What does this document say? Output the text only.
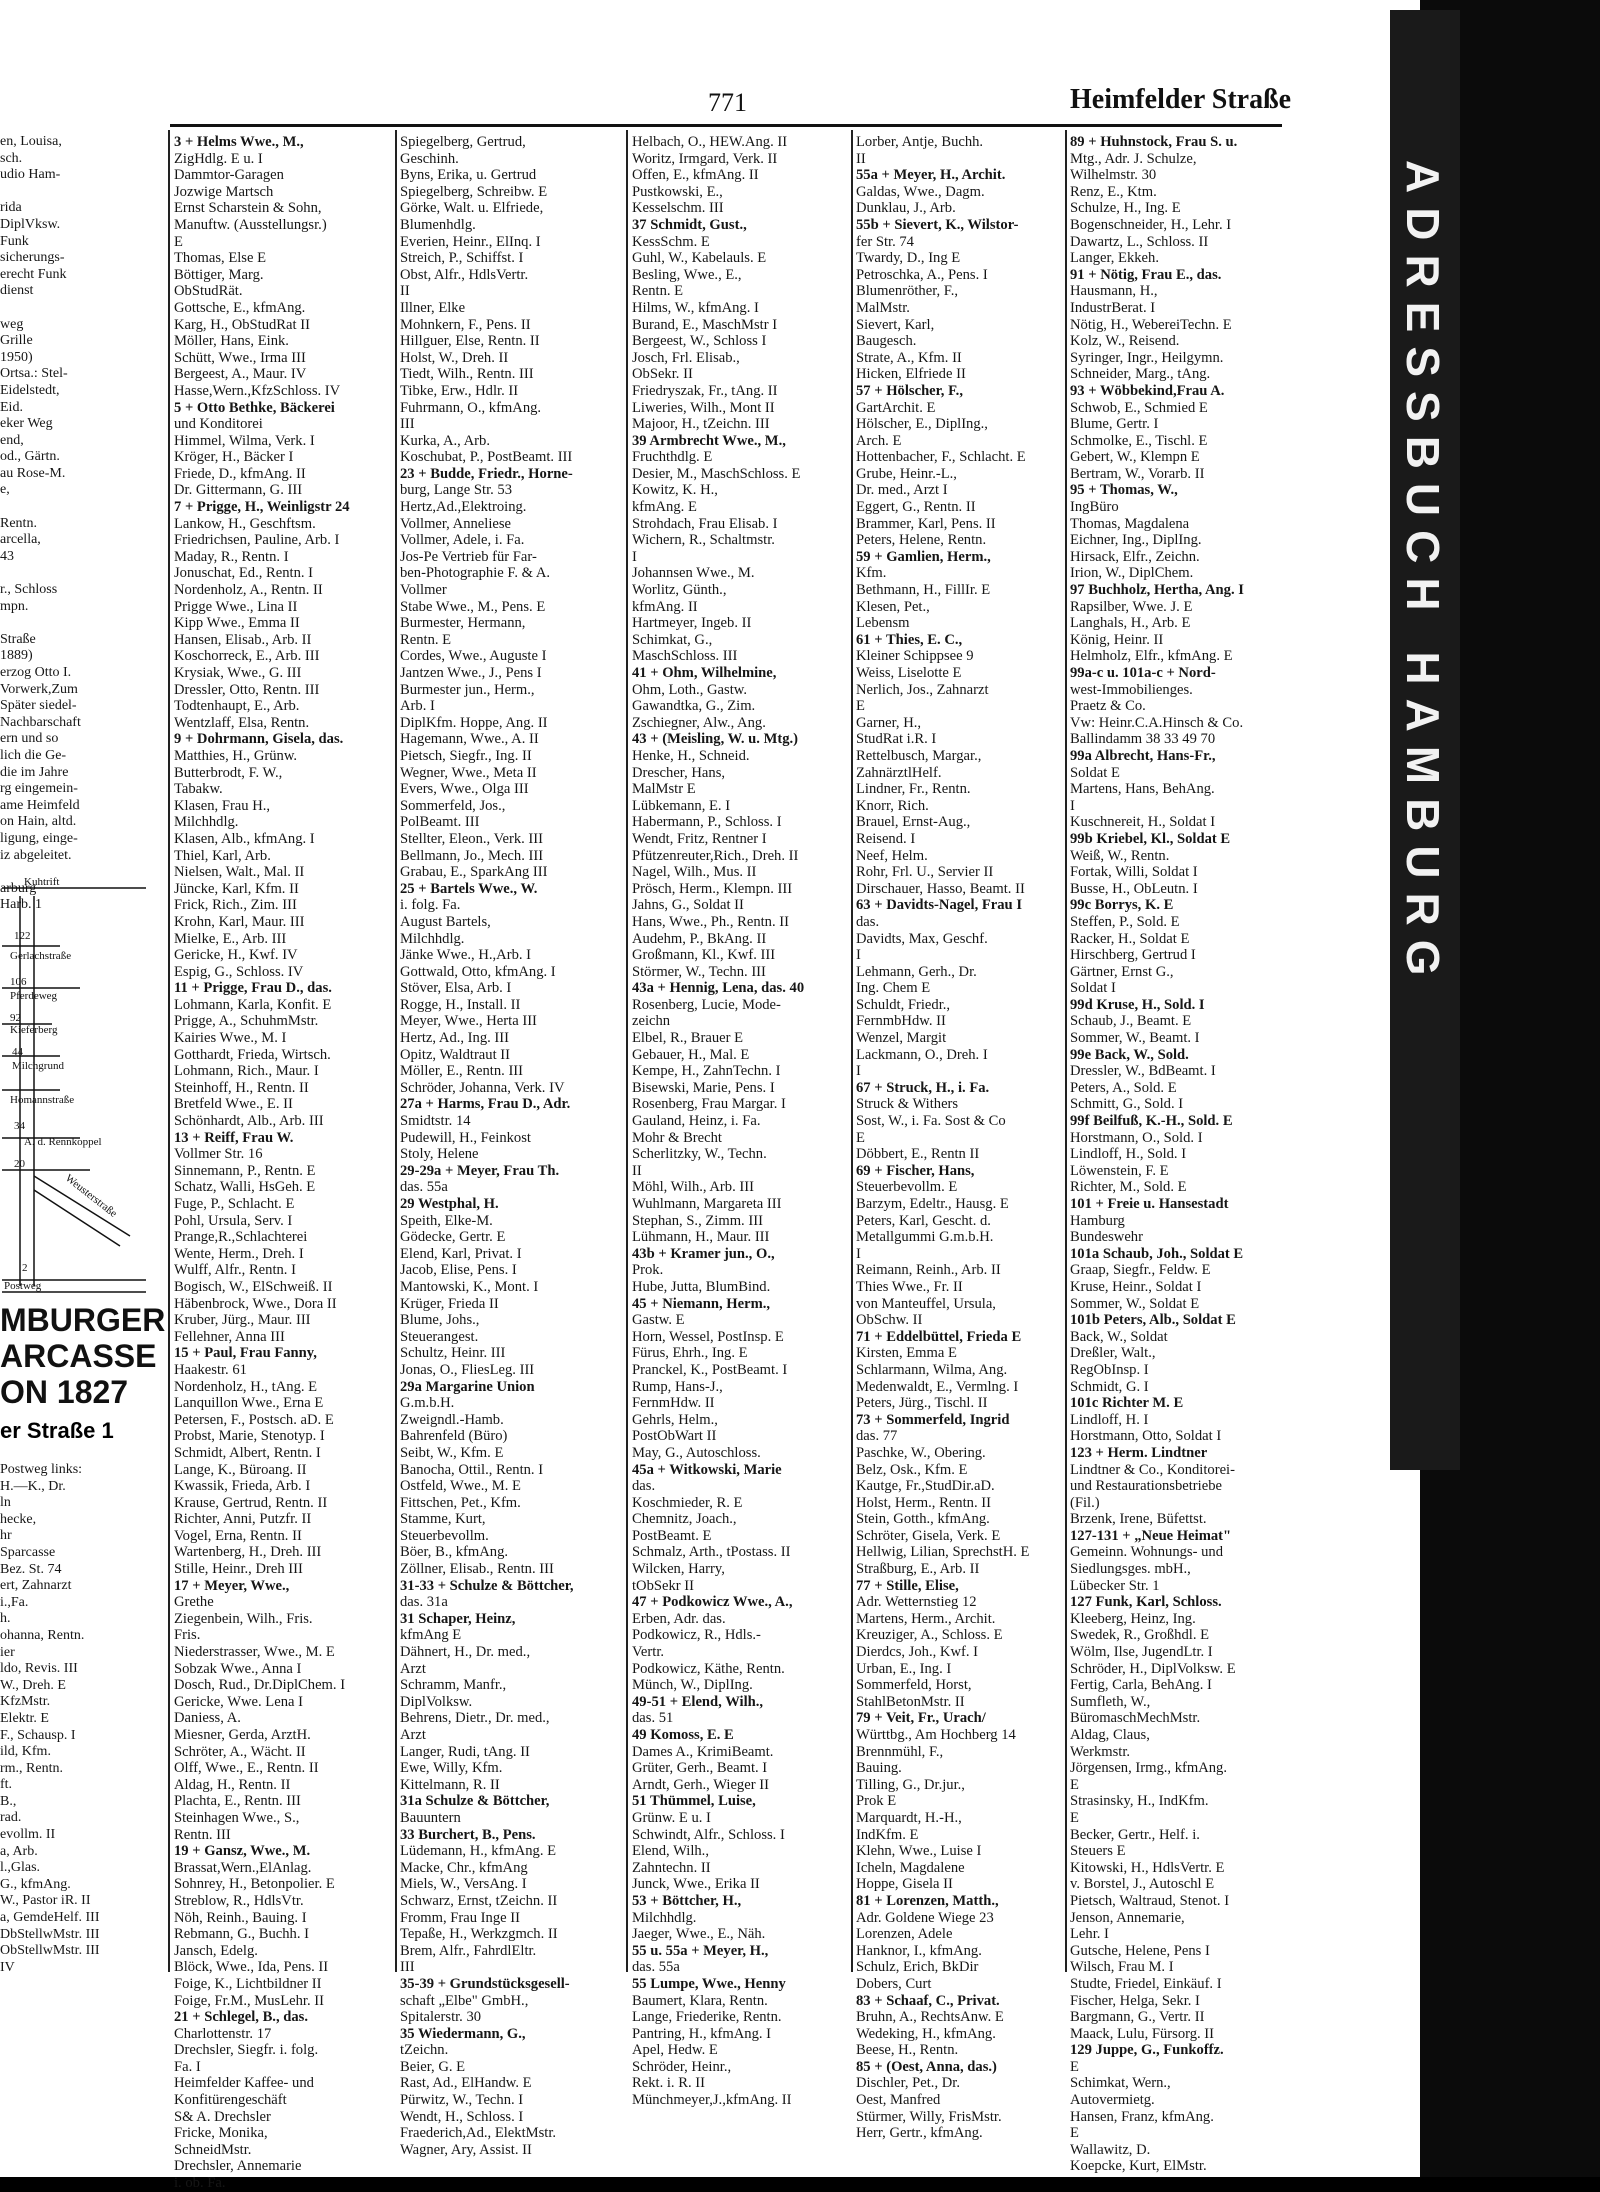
771	Heimfelder Straße
en, Louisa,
sch.
udio Ham-

rida
DiplVksw.
Funk
sicherungs-
erecht Funk
dienst

weg
Grille
1950)
Ortsa.: Stel-
Eidelstedt,
Eid.
eker Weg
end,
od., Gärtn.
au Rose-M.
e,

Rentn.
arcella,
43

r., Schloss
mpn.

Straße
1889)
erzog Otto I.
Vorwerk,Zum
Später siedel-
Nachbarschaft
ern und so
lich die Ge-
die im Jahre
rg eingemein-
ame Heimfeld
on Hain, altd.
ligung, einge-
iz abgeleitet.

arburg
Harb. 1
Kuhtrift
122
Gerlachstraße
106
Pferdeweg
92
Kieferberg
44
Milchgrund
Homannstraße
34
A. d. Rennkoppel
20
Weusterstraße
2
Postweg
MBURGER
ARCASSE
ON 1827
er Straße 1
Postweg links:
H.—K., Dr.
ln
hecke,
hr
Sparcasse
Bez. St. 74
ert, Zahnarzt
i.,Fa.
h.
ohanna, Rentn.
ier
ldo, Revis. III
W., Dreh. E
KfzMstr.
Elektr. E
F., Schausp. I
ild, Kfm.
rm., Rentn.
ft.
B.,
rad.
evollm. II
a, Arb.
l.,Glas.
G., kfmAng.
W., Pastor iR. II
a, GemdeHelf. III
DbStellwMstr. III
ObStellwMstr. III
IV
3 + Helms Wwe., M.,
ZigHdlg. E u. I
Dammtor-Garagen
Jozwige Martsch
Ernst Scharstein & Sohn,
Manuftw. (Ausstellungsr.)
E
Thomas, Else E
Böttiger, Marg.
ObStudRät.
Gottsche, E., kfmAng.
Karg, H., ObStudRat II
Möller, Hans, Eink.
Schütt, Wwe., Irma III
Bergeest, A., Maur. IV
Hasse,Wern.,KfzSchloss. IV
5 + Otto Bethke, Bäckerei
und Konditorei
Himmel, Wilma, Verk. I
Kröger, H., Bäcker I
Friede, D., kfmAng. II
Dr. Gittermann, G. III
7 + Prigge, H., Weinligstr 24
Lankow, H., Geschftsm.
Friedrichsen, Pauline, Arb. I
Maday, R., Rentn. I
Jonuschat, Ed., Rentn. I
Nordenholz, A., Rentn. II
Prigge Wwe., Lina II
Kipp Wwe., Emma II
Hansen, Elisab., Arb. II
Koschorreck, E., Arb. III
Krysiak, Wwe., G. III
Dressler, Otto, Rentn. III
Todtenhaupt, E., Arb.
Wentzlaff, Elsa, Rentn.
9 + Dohrmann, Gisela, das.
Matthies, H., Grünw.
Butterbrodt, F. W.,
Tabakw.
Klasen, Frau H.,
Milchhdlg.
Klasen, Alb., kfmAng. I
Thiel, Karl, Arb.
Nielsen, Walt., Mal. II
Jüncke, Karl, Kfm. II
Frick, Rich., Zim. III
Krohn, Karl, Maur. III
Mielke, E., Arb. III
Gericke, H., Kwf. IV
Espig, G., Schloss. IV
11 + Prigge, Frau D., das.
Lohmann, Karla, Konfit. E
Prigge, A., SchuhmMstr.
Kairies Wwe., M. I
Gotthardt, Frieda, Wirtsch.
Lohmann, Rich., Maur. I
Steinhoff, H., Rentn. II
Bretfeld Wwe., E. II
Schönhardt, Alb., Arb. III
13 + Reiff, Frau W.
Vollmer Str. 16
Sinnemann, P., Rentn. E
Schatz, Walli, HsGeh. E
Fuge, P., Schlacht. E
Pohl, Ursula, Serv. I
Prange,R.,Schlachterei
Wente, Herm., Dreh. I
Wulff, Alfr., Rentn. I
Bogisch, W., ElSchweiß. II
Häbenbrock, Wwe., Dora II
Kruber, Jürg., Maur. III
Fellehner, Anna III
15 + Paul, Frau Fanny,
Haakestr. 61
Nordenholz, H., tAng. E
Lanquillon Wwe., Erna E
Petersen, F., Postsch. aD. E
Probst, Marie, Stenotyp. I
Schmidt, Albert, Rentn. I
Lange, K., Büroang. II
Kwassik, Frieda, Arb. I
Krause, Gertrud, Rentn. II
Richter, Anni, Putzfr. II
Vogel, Erna, Rentn. II
Wartenberg, H., Dreh. III
Stille, Heinr., Dreh III
17 + Meyer, Wwe.,
Grethe
Ziegenbein, Wilh., Fris.
Fris.
Niederstrasser, Wwe., M. E
Sobzak Wwe., Anna I
Dosch, Rud., Dr.DiplChem. I
Gericke, Wwe. Lena I
Daniess, A.
Miesner, Gerda, ArztH.
Schröter, A., Wächt. II
Olff, Wwe., E., Rentn. II
Aldag, H., Rentn. II
Plachta, E., Rentn. III
Steinhagen Wwe., S.,
Rentn. III
19 + Gansz, Wwe., M.
Brassat,Wern.,ElAnlag.
Sohnrey, H., Betonpolier. E
Streblow, R., HdlsVtr.
Nöh, Reinh., Bauing. I
Rebmann, G., Buchh. I
Jansch, Edelg.
Blöck, Wwe., Ida, Pens. II
Foige, K., Lichtbildner II
Foige, Fr.M., MusLehr. II
21 + Schlegel, B., das.
Charlottenstr. 17
Drechsler, Siegfr. i. folg.
Fa. I
Heimfelder Kaffee- und
Konfitürengeschäft
S& A. Drechsler
Fricke, Monika,
SchneidMstr.
Drechsler, Annemarie
i. ob. Fa.
Spiegelberg, Gertrud,
Geschinh.
Byns, Erika, u. Gertrud
Spiegelberg, Schreibw. E
Görke, Walt. u. Elfriede,
Blumenhdlg.
Everien, Heinr., ElInq. I
Streich, P., Schiffst. I
Obst, Alfr., HdlsVertr.
II
Illner, Elke
Mohnkern, F., Pens. II
Hillguer, Else, Rentn. II
Holst, W., Dreh. II
Tiedt, Wilh., Rentn. III
Tibke, Erw., Hdlr. II
Fuhrmann, O., kfmAng.
III
Kurka, A., Arb.
Koschubat, P., PostBeamt. III
23 + Budde, Friedr., Horne-
burg, Lange Str. 53
Hertz,Ad.,Elektroing.
Vollmer, Anneliese
Vollmer, Adele, i. Fa.
Jos-Pe Vertrieb für Far-
ben-Photographie F. & A.
Vollmer
Stabe Wwe., M., Pens. E
Burmester, Hermann,
Rentn. E
Cordes, Wwe., Auguste I
Jantzen Wwe., J., Pens I
Burmester jun., Herm.,
Arb. I
DiplKfm. Hoppe, Ang. II
Hagemann, Wwe., A. II
Pietsch, Siegfr., Ing. II
Wegner, Wwe., Meta II
Evers, Wwe., Olga III
Sommerfeld, Jos.,
PolBeamt. III
Stellter, Eleon., Verk. III
Bellmann, Jo., Mech. III
Grabau, E., SparkAng III
25 + Bartels Wwe., W.
i. folg. Fa.
August Bartels,
Milchhdlg.
Jänke Wwe., H.,Arb. I
Gottwald, Otto, kfmAng. I
Stöver, Elsa, Arb. I
Rogge, H., Install. II
Meyer, Wwe., Herta III
Hertz, Ad., Ing. III
Opitz, Waldtraut II
Möller, E., Rentn. III
Schröder, Johanna, Verk. IV
27a + Harms, Frau D., Adr.
Smidtstr. 14
Pudewill, H., Feinkost
Stoly, Helene
29-29a + Meyer, Frau Th.
das. 55a
29 Westphal, H.
Speith, Elke-M.
Gödecke, Gertr. E
Elend, Karl, Privat. I
Jacob, Elise, Pens. I
Mantowski, K., Mont. I
Krüger, Frieda II
Blume, Johs.,
Steuerangest.
Schultz, Heinr. III
Jonas, O., FliesLeg. III
29a Margarine Union
G.m.b.H.
Zweigndl.-Hamb.
Bahrenfeld (Büro)
Seibt, W., Kfm. E
Banocha, Ottil., Rentn. I
Ostfeld, Wwe., M. E
Fittschen, Pet., Kfm.
Stamme, Kurt,
Steuerbevollm.
Böer, B., kfmAng.
Zöllner, Elisab., Rentn. III
31-33 + Schulze & Böttcher,
das. 31a
31 Schaper, Heinz,
kfmAng E
Dähnert, H., Dr. med.,
Arzt
Schramm, Manfr.,
DiplVolksw.
Behrens, Dietr., Dr. med.,
Arzt
Langer, Rudi, tAng. II
Ewe, Willy, Kfm.
Kittelmann, R. II
31a Schulze & Böttcher,
Bauuntern
33 Burchert, B., Pens.
Lüdemann, H., kfmAng. E
Macke, Chr., kfmAng
Miels, W., VersAng. I
Schwarz, Ernst, tZeichn. II
Fromm, Frau Inge II
Tepaße, H., Werkzgmch. II
Brem, Alfr., FahrdlEltr.
III
35-39 + Grundstücksgesell-
schaft „Elbe" GmbH.,
Spitalerstr. 30
35 Wiedermann, G.,
tZeichn.
Beier, G. E
Rast, Ad., ElHandw. E
Pürwitz, W., Techn. I
Wendt, H., Schloss. I
Fraederich,Ad., ElektMstr.
Wagner, Ary, Assist. II
Helbach, O., HEW.Ang. II
Woritz, Irmgard, Verk. II
Offen, E., kfmAng. II
Pustkowski, E.,
Kesselschm. III
37 Schmidt, Gust.,
KessSchm. E
Guhl, W., Kabelauls. E
Besling, Wwe., E.,
Rentn. E
Hilms, W., kfmAng. I
Burand, E., MaschMstr I
Bergeest, W., Schloss I
Josch, Frl. Elisab.,
ObSekr. II
Friedryszak, Fr., tAng. II
Liweries, Wilh., Mont II
Majoor, H., tZeichn. III
39 Armbrecht Wwe., M.,
Fruchthdlg. E
Desier, M., MaschSchloss. E
Kowitz, K. H.,
kfmAng. E
Strohdach, Frau Elisab. I
Wichern, R., Schaltmstr.
I
Johannsen Wwe., M.
Worlitz, Günth.,
kfmAng. II
Hartmeyer, Ingeb. II
Schimkat, G.,
MaschSchloss. III
41 + Ohm, Wilhelmine,
Ohm, Loth., Gastw.
Gawandtka, G., Zim.
Zschiegner, Alw., Ang.
43 + (Meisling, W. u. Mtg.)
Henke, H., Schneid.
Drescher, Hans,
MalMstr E
Lübkemann, E. I
Habermann, P., Schloss. I
Wendt, Fritz, Rentner I
Pfützenreuter,Rich., Dreh. II
Nagel, Wilh., Mus. II
Prösch, Herm., Klempn. III
Jahns, G., Soldat II
Hans, Wwe., Ph., Rentn. II
Audehm, P., BkAng. II
Großmann, Kl., Kwf. III
Störmer, W., Techn. III
43a + Hennig, Lena, das. 40
Rosenberg, Lucie, Mode-
zeichn
Elbel, R., Brauer E
Gebauer, H., Mal. E
Kempe, H., ZahnTechn. I
Bisewski, Marie, Pens. I
Rosenberg, Frau Margar. I
Gauland, Heinz, i. Fa.
Mohr & Brecht
Scherlitzky, W., Techn.
II
Möhl, Wilh., Arb. III
Wuhlmann, Margareta III
Stephan, S., Zimm. III
Lühmann, H., Maur. III
43b + Kramer jun., O.,
Prok.
Hube, Jutta, BlumBind.
45 + Niemann, Herm.,
Gastw. E
Horn, Wessel, PostInsp. E
Fürus, Ehrh., Ing. E
Pranckel, K., PostBeamt. I
Rump, Hans-J.,
FernmHdw. II
Gehrls, Helm.,
PostObWart II
May, G., Autoschloss.
45a + Witkowski, Marie
das.
Koschmieder, R. E
Chemnitz, Joach.,
PostBeamt. E
Schmalz, Arth., tPostass. II
Wilcken, Harry,
tObSekr II
47 + Podkowicz Wwe., A.,
Erben, Adr. das.
Podkowicz, R., Hdls.-
Vertr.
Podkowicz, Käthe, Rentn.
Münch, W., DiplIng.
49-51 + Elend, Wilh.,
das. 51
49 Komoss, E. E
Dames A., KrimiBeamt.
Grüter, Gerh., Beamt. I
Arndt, Gerh., Wieger II
51 Thümmel, Luise,
Grünw. E u. I
Schwindt, Alfr., Schloss. I
Elend, Wilh.,
Zahntechn. II
Junck, Wwe., Erika II
53 + Böttcher, H.,
Milchhdlg.
Jaeger, Wwe., E., Näh.
55 u. 55a + Meyer, H.,
das. 55a
55 Lumpe, Wwe., Henny
Baumert, Klara, Rentn.
Lange, Friederike, Rentn.
Pantring, H., kfmAng. I
Apel, Hedw. E
Schröder, Heinr.,
Rekt. i. R. II
Münchmeyer,J.,kfmAng. II
Lorber, Antje, Buchh.
II
55a + Meyer, H., Archit.
Galdas, Wwe., Dagm.
Dunklau, J., Arb.
55b + Sievert, K., Wilstor-
fer Str. 74
Twardy, D., Ing E
Petroschka, A., Pens. I
Blumenröther, F.,
MalMstr.
Sievert, Karl,
Baugesch.
Strate, A., Kfm. II
Hicken, Elfriede II
57 + Hölscher, F.,
GartArchit. E
Hölscher, E., DiplIng.,
Arch. E
Hottenbacher, F., Schlacht. E
Grube, Heinr.-L.,
Dr. med., Arzt I
Eggert, G., Rentn. II
Brammer, Karl, Pens. II
Peters, Helene, Rentn.
59 + Gamlien, Herm.,
Kfm.
Bethmann, H., FillIr. E
Klesen, Pet.,
Lebensm
61 + Thies, E. C.,
Kleiner Schippsee 9
Weiss, Liselotte E
Nerlich, Jos., Zahnarzt
E
Garner, H.,
StudRat i.R. I
Rettelbusch, Margar.,
ZahnärztlHelf.
Lindner, Fr., Rentn.
Knorr, Rich.
Brauel, Ernst-Aug.,
Reisend. I
Neef, Helm.
Rohr, Frl. U., Servier II
Dirschauer, Hasso, Beamt. II
63 + Davidts-Nagel, Frau I
das.
Davidts, Max, Geschf.
I
Lehmann, Gerh., Dr.
Ing. Chem E
Schuldt, Friedr.,
FernmbHdw. II
Wenzel, Margit
Lackmann, O., Dreh. I
I
67 + Struck, H., i. Fa.
Struck & Withers
Sost, W., i. Fa. Sost & Co
E
Döbbert, E., Rentn II
69 + Fischer, Hans,
Steuerbevollm. E
Barzym, Edeltr., Hausg. E
Peters, Karl, Gescht. d.
Metallgummi G.m.b.H.
I
Reimann, Reinh., Arb. II
Thies Wwe., Fr. II
von Manteuffel, Ursula,
ObSchw. II
71 + Eddelbüttel, Frieda E
Kirsten, Emma E
Schlarmann, Wilma, Ang.
Medenwaldt, E., Vermlng. I
Peters, Jürg., Tischl. II
73 + Sommerfeld, Ingrid
das. 77
Paschke, W., Obering.
Belz, Osk., Kfm. E
Kautge, Fr.,StudDir.aD.
Holst, Herm., Rentn. II
Stein, Gotth., kfmAng.
Schröter, Gisela, Verk. E
Hellwig, Lilian, SprechstH. E
Straßburg, E., Arb. II
77 + Stille, Elise,
Adr. Wetternstieg 12
Martens, Herm., Archit.
Kreuziger, A., Schloss. E
Dierdcs, Joh., Kwf. I
Urban, E., Ing. I
Sommerfeld, Horst,
StahlBetonMstr. II
79 + Veit, Fr., Urach/
Württbg., Am Hochberg 14
Brennmühl, F.,
Bauing.
Tilling, G., Dr.jur.,
Prok E
Marquardt, H.-H.,
IndKfm. E
Klehn, Wwe., Luise I
Icheln, Magdalene
Hoppe, Gisela II
81 + Lorenzen, Matth.,
Adr. Goldene Wiege 23
Lorenzen, Adele
Hanknor, I., kfmAng.
Schulz, Erich, BkDir
Dobers, Curt
83 + Schaaf, C., Privat.
Bruhn, A., RechtsAnw. E
Wedeking, H., kfmAng.
Beese, H., Rentn.
85 + (Oest, Anna, das.)
Dischler, Pet., Dr.
Oest, Manfred
Stürmer, Willy, FrisMstr.
Herr, Gertr., kfmAng.
89 + Huhnstock, Frau S. u.
Mtg., Adr. J. Schulze,
Wilhelmstr. 30
Renz, E., Ktm.
Schulze, H., Ing. E
Bogenschneider, H., Lehr. I
Dawartz, L., Schloss. II
Langer, Ekkeh.
91 + Nötig, Frau E., das.
Hausmann, H.,
IndustrBerat. I
Nötig, H., WebereiTechn. E
Kolz, W., Reisend.
Syringer, Ingr., Heilgymn.
Schneider, Marg., tAng.
93 + Wöbbekind,Frau A.
Schwob, E., Schmied E
Blume, Gertr. I
Schmolke, E., Tischl. E
Gebert, W., Klempn E
Bertram, W., Vorarb. II
95 + Thomas, W.,
IngBüro
Thomas, Magdalena
Eichner, Ing., DiplIng.
Hirsack, Elfr., Zeichn.
Irion, W., DiplChem.
97 Buchholz, Hertha, Ang. I
Rapsilber, Wwe. J. E
Langhals, H., Arb. E
König, Heinr. II
Helmholz, Elfr., kfmAng. E
99a-c u. 101a-c + Nord-
west-Immobilienges.
Praetz & Co.
Vw: Heinr.C.A.Hinsch & Co.
Ballindamm 38 33 49 70
99a Albrecht, Hans-Fr.,
Soldat E
Martens, Hans, BehAng.
I
Kuschnereit, H., Soldat I
99b Kriebel, Kl., Soldat E
Weiß, W., Rentn.
Fortak, Willi, Soldat I
Busse, H., ObLeutn. I
99c Borrys, K. E
Steffen, P., Sold. E
Racker, H., Soldat E
Hirschberg, Gertrud I
Gärtner, Ernst G.,
Soldat I
99d Kruse, H., Sold. I
Schaub, J., Beamt. E
Sommer, W., Beamt. I
99e Back, W., Sold.
Dressler, W., BdBeamt. I
Peters, A., Sold. E
Schmitt, G., Sold. I
99f Beilfuß, K.-H., Sold. E
Horstmann, O., Sold. I
Lindloff, H., Sold. I
Löwenstein, F. E
Richter, M., Sold. E
101 + Freie u. Hansestadt
Hamburg
Bundeswehr
101a Schaub, Joh., Soldat E
Graap, Siegfr., Feldw. E
Kruse, Heinr., Soldat I
Sommer, W., Soldat E
101b Peters, Alb., Soldat E
Back, W., Soldat
Dreßler, Walt.,
RegObInsp. I
Schmidt, G. I
101c Richter M. E
Lindloff, H. I
Horstmann, Otto, Soldat I
123 + Herm. Lindtner
Lindtner & Co., Konditorei-
und Restaurationsbetriebe
(Fil.)
Brzenk, Irene, Büfettst.
127-131 + „Neue Heimat"
Gemeinn. Wohnungs- und
Siedlungsges. mbH.,
Lübecker Str. 1
127 Funk, Karl, Schloss.
Kleeberg, Heinz, Ing.
Swedek, R., Großhdl. E
Wölm, Ilse, JugendLtr. I
Schröder, H., DiplVolksw. E
Fertig, Carla, BehAng. I
Sumfleth, W.,
BüromaschMechMstr.
Aldag, Claus,
Werkmstr.
Jörgensen, Irmg., kfmAng.
E
Strasinsky, H., IndKfm.
E
Becker, Gertr., Helf. i.
Steuers E
Kitowski, H., HdlsVertr. E
v. Borstel, J., Autoschl E
Pietsch, Waltraud, Stenot. I
Jenson, Annemarie,
Lehr. I
Gutsche, Helene, Pens I
Wilsch, Frau M. I
Studte, Friedel, Einkäuf. I
Fischer, Helga, Sekr. I
Bargmann, G., Vertr. II
Maack, Lulu, Fürsorg. II
129 Juppe, G., Funkoffz.
E
Schimkat, Wern.,
Autovermietg.
Hansen, Franz, kfmAng.
E
Wallawitz, D.
Koepcke, Kurt, ElMstr.
ADRESSBUCH HAMBURG
